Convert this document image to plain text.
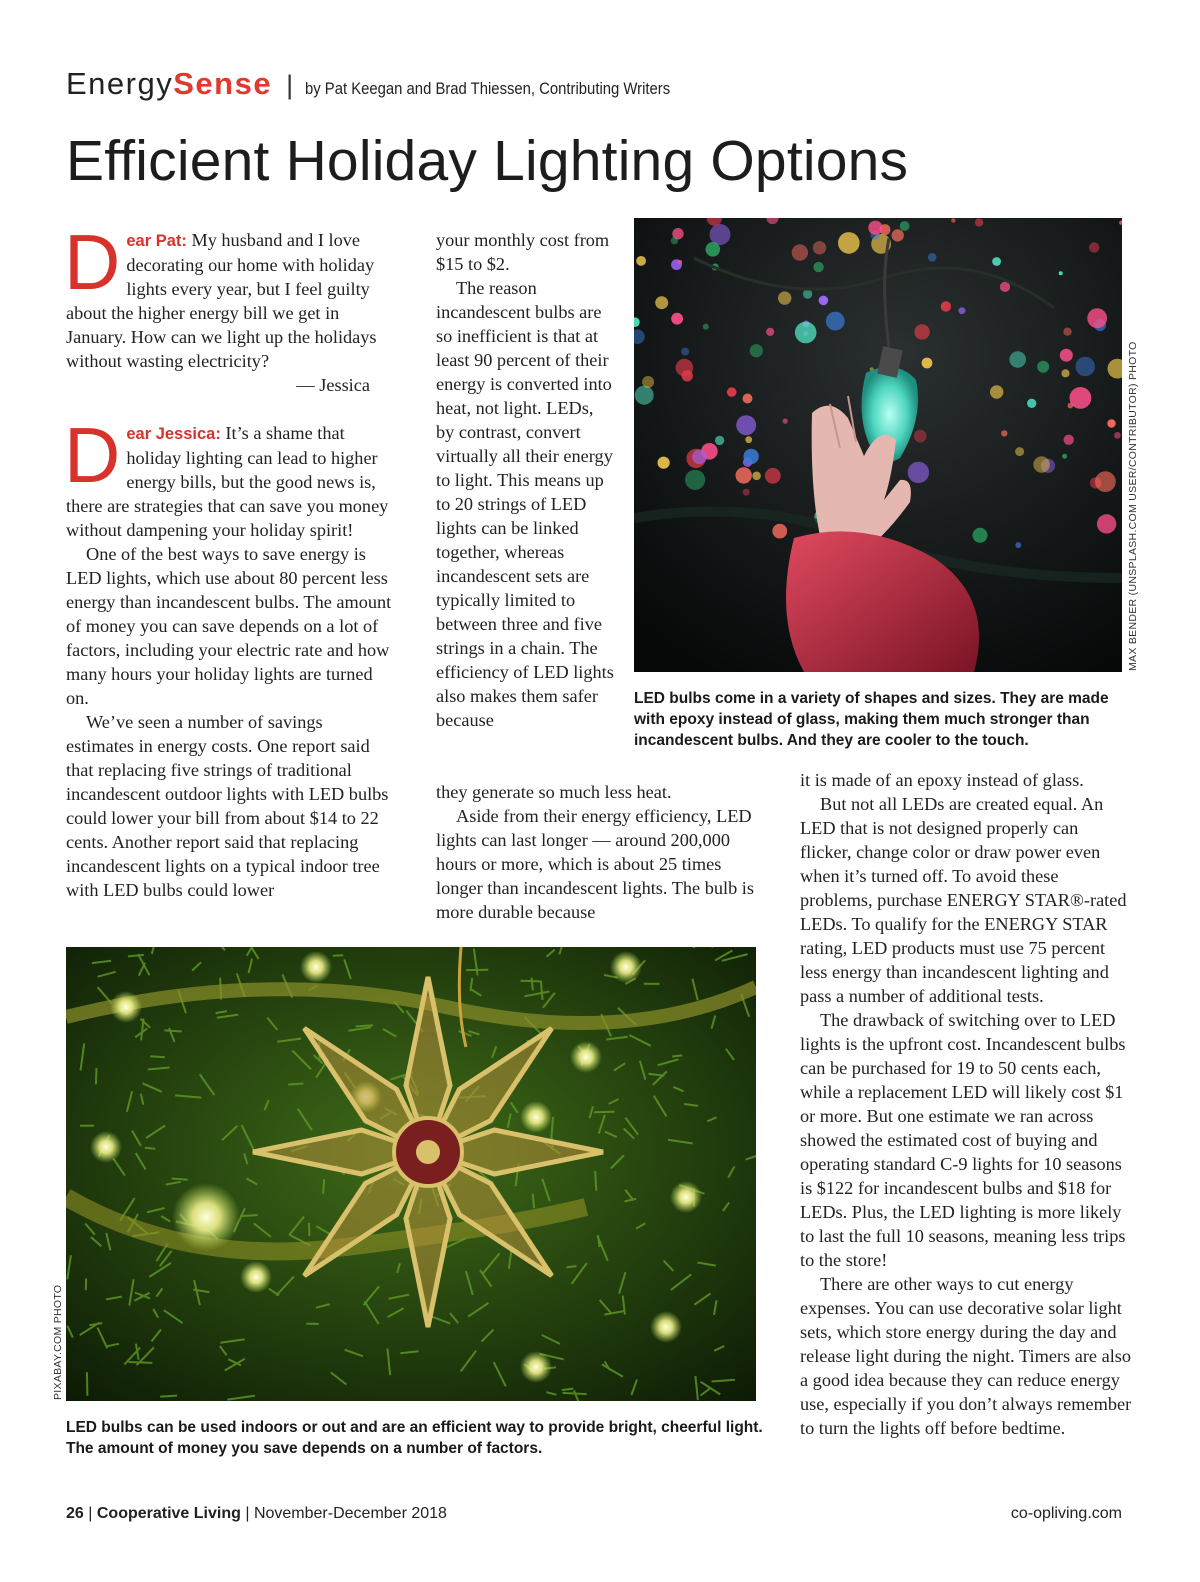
Energy Sense | by Pat Keegan and Brad Thiessen, Contributing Writers
Efficient Holiday Lighting Options

Dear Pat: My husband and I love decorating our home with holiday lights every year, but I feel guilty about the higher energy bill we get in January. How can we light up the holidays without wasting electricity?

— Jessica

Dear Jessica: It’s a shame that holiday lighting can lead to higher energy bills, but the good news is, there are strategies that can save you money without dampening your holiday spirit!

One of the best ways to save energy is LED lights, which use about 80 percent less energy than incandescent bulbs. The amount of money you can save depends on a lot of factors, including your electric rate and how many hours your holiday lights are turned on.

We’ve seen a number of savings estimates in energy costs. One report said that replacing five strings of traditional incandescent outdoor lights with LED bulbs could lower your bill from about $14 to 22 cents. Another report said that replacing incandescent lights on a typical indoor tree with LED bulbs could lower

your monthly cost from $15 to $2.

The reason incandescent bulbs are so inefficient is that at least 90 percent of their energy is converted into heat, not light. LEDs, by contrast, convert virtually all their energy to light. This means up to 20 strings of LED lights can be linked together, whereas incandescent sets are typically limited to between three and five strings in a chain. The efficiency of LED lights also makes them safer because

they generate so much less heat.

Aside from their energy efficiency, LED lights can last longer — around 200,000 hours or more, which is about 25 times longer than incandescent lights. The bulb is more durable because

it is made of an epoxy instead of glass.

But not all LEDs are created equal. An LED that is not designed properly can flicker, change color or draw power even when it’s turned off. To avoid these problems, purchase ENERGY STAR®-rated LEDs. To qualify for the ENERGY STAR rating, LED products must use 75 percent less energy than incandescent lighting and pass a number of additional tests.

The drawback of switching over to LED lights is the upfront cost. Incandescent bulbs can be purchased for 19 to 50 cents each, while a replacement LED will likely cost $1 or more. But one estimate we ran across showed the estimated cost of buying and operating standard C-9 lights for 10 seasons is $122 for incandescent bulbs and $18 for LEDs. Plus, the LED lighting is more likely to last the full 10 seasons, meaning less trips to the store!

There are other ways to cut energy expenses. You can use decorative solar light sets, which store energy during the day and release light during the night. Timers are also a good idea because they can reduce energy use, especially if you don’t always remember to turn the lights off before bedtime.

LED bulbs come in a variety of shapes and sizes. They are made with epoxy instead of glass, making them much stronger than incandescent bulbs. And they are cooler to the touch.
MAX BENDER (UNSPLASH.COM USER/CONTRIBUTOR) PHOTO
LED bulbs can be used indoors or out and are an efficient way to provide bright, cheerful light. The amount of money you save depends on a number of factors.
PIXABAY.COM PHOTO
26 | Cooperative Living | November-December 2018	co-opliving.com
